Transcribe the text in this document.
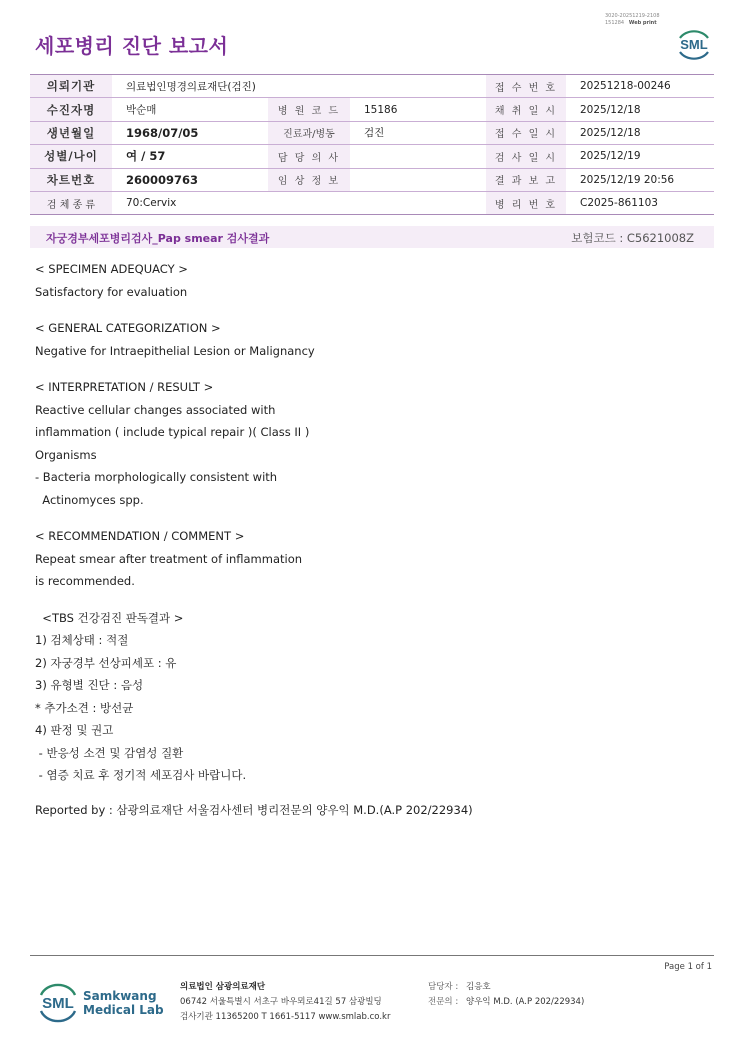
3020-20251219-2108
151284 Web print
세포병리 진단 보고서	SML
의뢰기관	의료법인명경의료재단(검진)			접 수 번 호	20251218-00246
수진자명	박순매	병 원 코 드	15186	채 취 일 시	2025/12/18
생년월일	1968/07/05	진료과/병동	검진	접 수 일 시	2025/12/18
성별/나이	여 / 57	담 당 의 사		검 사 일 시	2025/12/19
차트번호	260009763	임 상 정 보		결 과 보 고	2025/12/19 20:56
검 체 종 류	70:Cervix			병 리 번 호	C2025-861103
자궁경부세포병리검사_Pap smear 검사결과	보험코드 : C5621008Z
< SPECIMEN ADEQUACY >
Satisfactory for evaluation
< GENERAL CATEGORIZATION >
Negative for Intraepithelial Lesion or Malignancy
< INTERPRETATION / RESULT >
Reactive cellular changes associated with
inflammation ( include typical repair )( Class II )
Organisms
- Bacteria morphologically consistent with
Actinomyces spp.
< RECOMMENDATION / COMMENT >
Repeat smear after treatment of inflammation
is recommended.
<TBS 건강검진 판독결과 >
1) 검체상태 : 적절
2) 자궁경부 선상피세포 : 유
3) 유형별 진단 : 음성
* 추가소견 : 방선균
4) 판정 및 권고
- 반응성 소견 및 감염성 질환
- 염증 치료 후 정기적 세포검사 바랍니다.
Reported by : 삼광의료재단 서울검사센터 병리전문의 양우익 M.D.(A.P 202/22934)
Page 1 of 1
SML Samkwang
Medical Lab
의료법인 삼광의료재단
06742 서울특별시 서초구 바우뫼로41길 57 삼광빌딩
검사기관 11365200 T 1661-5117 www.smlab.co.kr
담당자 : 김응호
전문의 : 양우익 M.D. (A.P 202/22934)
